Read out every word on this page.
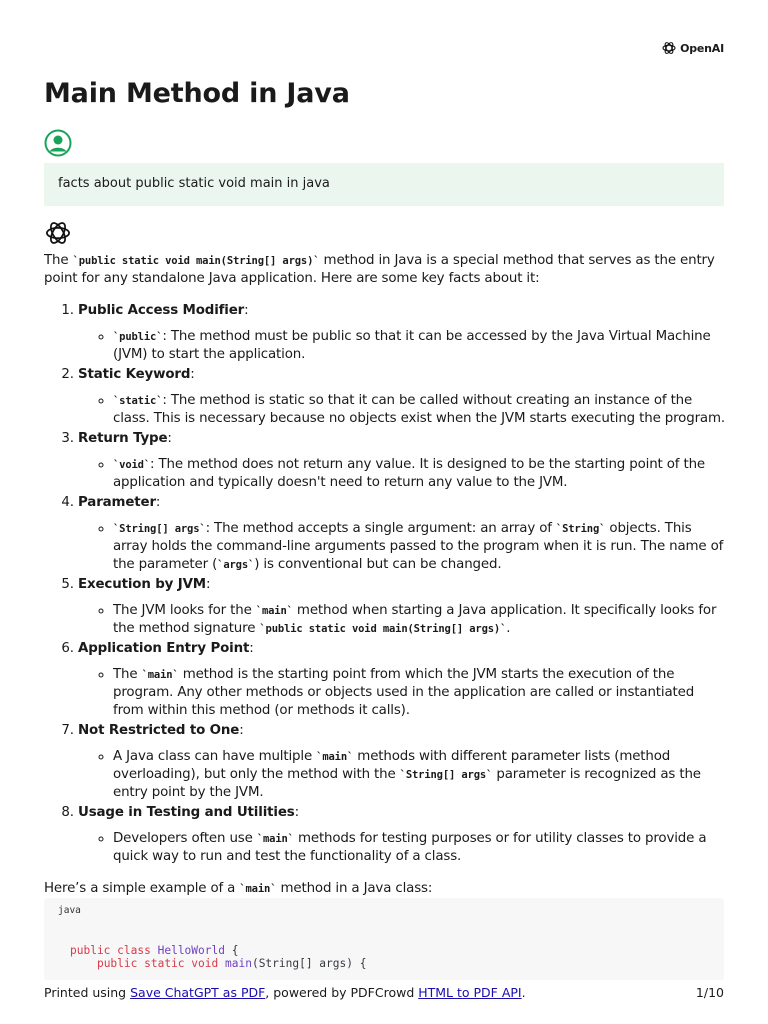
OpenAI
Main Method in Java
facts about public static void main in java

The `public static void main(String[] args)` method in Java is a special method that serves as the entry point for any standalone Java application. Here are some key facts about it:

1. Public Access Modifier:
◦ `public`: The method must be public so that it can be accessed by the Java Virtual Machine (JVM) to start the application.
2. Static Keyword:
◦ `static`: The method is static so that it can be called without creating an instance of the class. This is necessary because no objects exist when the JVM starts executing the program.
3. Return Type:
◦ `void`: The method does not return any value. It is designed to be the starting point of the application and typically doesn't need to return any value to the JVM.
4. Parameter:
◦ `String[] args`: The method accepts a single argument: an array of `String` objects. This array holds the command-line arguments passed to the program when it is run. The name of the parameter (`args`) is conventional but can be changed.
5. Execution by JVM:
◦ The JVM looks for the `main` method when starting a Java application. It specifically looks for the method signature `public static void main(String[] args)`.
6. Application Entry Point:
◦ The `main` method is the starting point from which the JVM starts the execution of the program. Any other methods or objects used in the application are called or instantiated from within this method (or methods it calls).
7. Not Restricted to One:
◦ A Java class can have multiple `main` methods with different parameter lists (method overloading), but only the method with the `String[] args` parameter is recognized as the entry point by the JVM.
8. Usage in Testing and Utilities:
◦ Developers often use `main` methods for testing purposes or for utility classes to provide a quick way to run and test the functionality of a class.

Here’s a simple example of a `main` method in a Java class:

java
public class HelloWorld {
public static void main(String[] args) {
Printed using Save ChatGPT as PDF, powered by PDFCrowd HTML to PDF API.	1/10
